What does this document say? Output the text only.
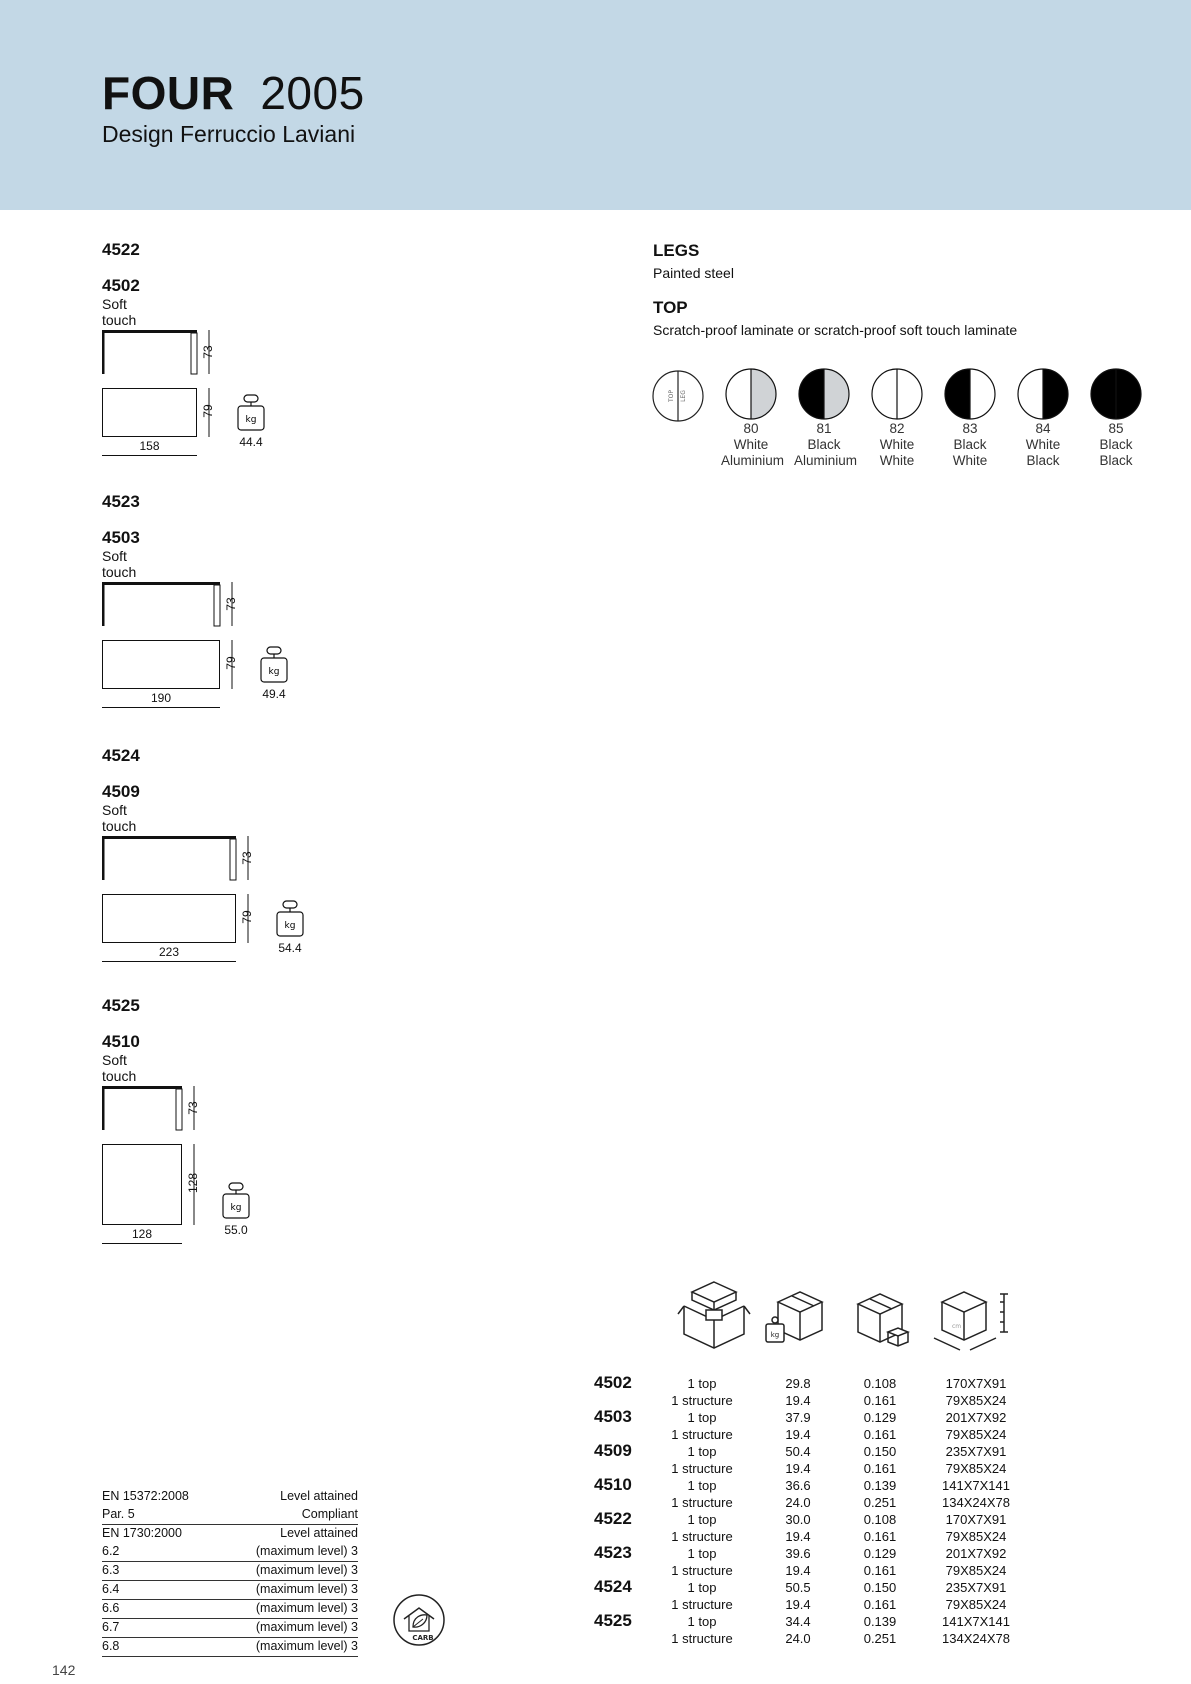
FOUR 2005
Design Ferruccio Laviani
4522
4502
Soft touch
73
79
158
kg
44.4
4523
4503
Soft touch
73
79
190
kg
49.4
4524
4509
Soft touch
73
79
223
kg
54.4
4525
4510
Soft touch
73
128
128
kg
55.0
LEGS
Painted steel
TOP
Scratch-proof laminate or scratch-proof soft touch laminate
TOP LEG
80
White
Aluminium
81
Black
Aluminium
82
White
White
83
Black
White
84
White
Black
85
Black
Black
kg
cm
4502	1 top	29.8	0.108	170X7X91
1 structure	19.4	0.161	79X85X24
4503	1 top	37.9	0.129	201X7X92
1 structure	19.4	0.161	79X85X24
4509	1 top	50.4	0.150	235X7X91
1 structure	19.4	0.161	79X85X24
4510	1 top	36.6	0.139	141X7X141
1 structure	24.0	0.251	134X24X78
4522	1 top	30.0	0.108	170X7X91
1 structure	19.4	0.161	79X85X24
4523	1 top	39.6	0.129	201X7X92
1 structure	19.4	0.161	79X85X24
4524	1 top	50.5	0.150	235X7X91
1 structure	19.4	0.161	79X85X24
4525	1 top	34.4	0.139	141X7X141
1 structure	24.0	0.251	134X24X78
EN 15372:2008	Level attained
Par. 5	Compliant
EN 1730:2000	Level attained
6.2	(maximum level) 3
6.3	(maximum level) 3
6.4	(maximum level) 3
6.6	(maximum level) 3
6.7	(maximum level) 3
6.8	(maximum level) 3
CARB
142
